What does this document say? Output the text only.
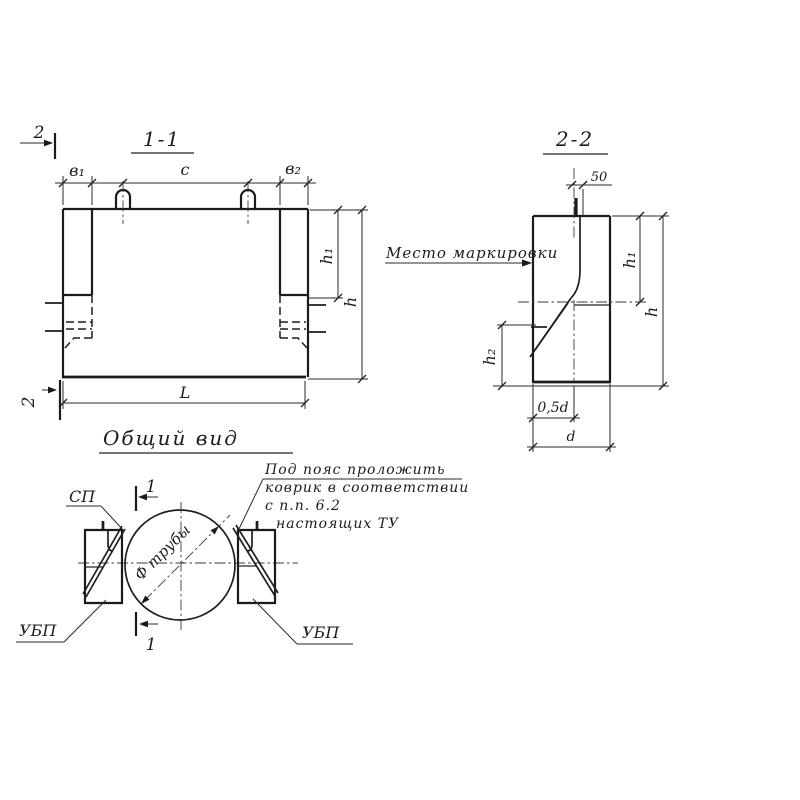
в₁	с	в₂
h₁
h
L
1-1
2
2
Место маркировки
50
h₁
h
h₂
0,5d
d
2-2
Общий вид
Ф трубы
1
1
СП
УБП	УБП
Под пояс проложить
коврик в соответствии
с п.п. 6.2
настоящих ТУ
